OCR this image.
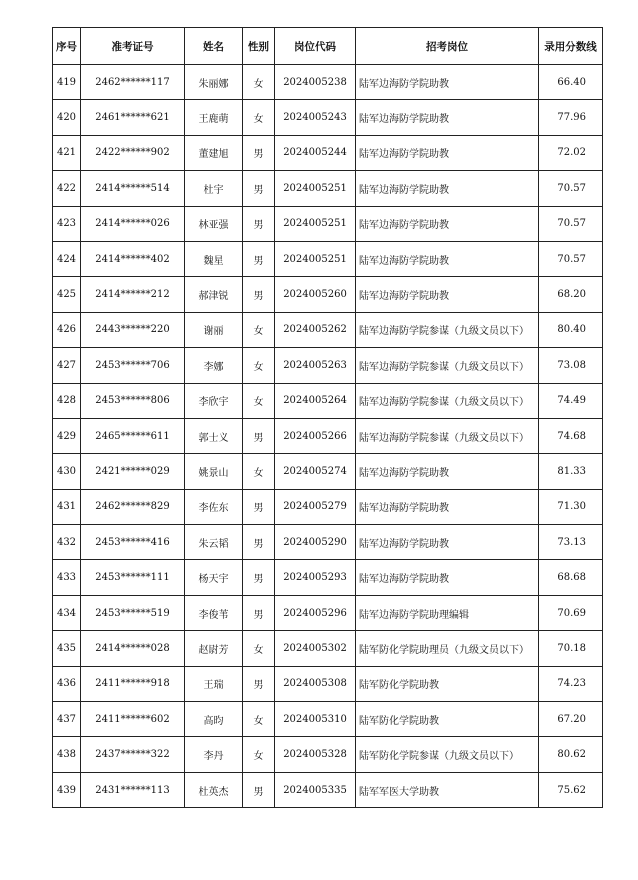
序号	准考证号	姓名	性别	岗位代码	招考岗位	录用分数线
419	2462******117	朱丽娜	女	2024005238	陆军边海防学院助教	66.40
420	2461******621	王鹿萌	女	2024005243	陆军边海防学院助教	77.96
421	2422******902	董建旭	男	2024005244	陆军边海防学院助教	72.02
422	2414******514	杜宇	男	2024005251	陆军边海防学院助教	70.57
423	2414******026	林亚强	男	2024005251	陆军边海防学院助教	70.57
424	2414******402	魏星	男	2024005251	陆军边海防学院助教	70.57
425	2414******212	郝津锐	男	2024005260	陆军边海防学院助教	68.20
426	2443******220	谢丽	女	2024005262	陆军边海防学院参谋（九级文员以下）	80.40
427	2453******706	李娜	女	2024005263	陆军边海防学院参谋（九级文员以下）	73.08
428	2453******806	李欣宇	女	2024005264	陆军边海防学院参谋（九级文员以下）	74.49
429	2465******611	郭士义	男	2024005266	陆军边海防学院参谋（九级文员以下）	74.68
430	2421******029	姚景山	女	2024005274	陆军边海防学院助教	81.33
431	2462******829	李佐东	男	2024005279	陆军边海防学院助教	71.30
432	2453******416	朱云韬	男	2024005290	陆军边海防学院助教	73.13
433	2453******111	杨天宇	男	2024005293	陆军边海防学院助教	68.68
434	2453******519	李俊苇	男	2024005296	陆军边海防学院助理编辑	70.69
435	2414******028	赵尉芳	女	2024005302	陆军防化学院助理员（九级文员以下）	70.18
436	2411******918	王瑞	男	2024005308	陆军防化学院助教	74.23
437	2411******602	高昀	女	2024005310	陆军防化学院助教	67.20
438	2437******322	李丹	女	2024005328	陆军防化学院参谋（九级文员以下）	80.62
439	2431******113	杜英杰	男	2024005335	陆军军医大学助教	75.62
